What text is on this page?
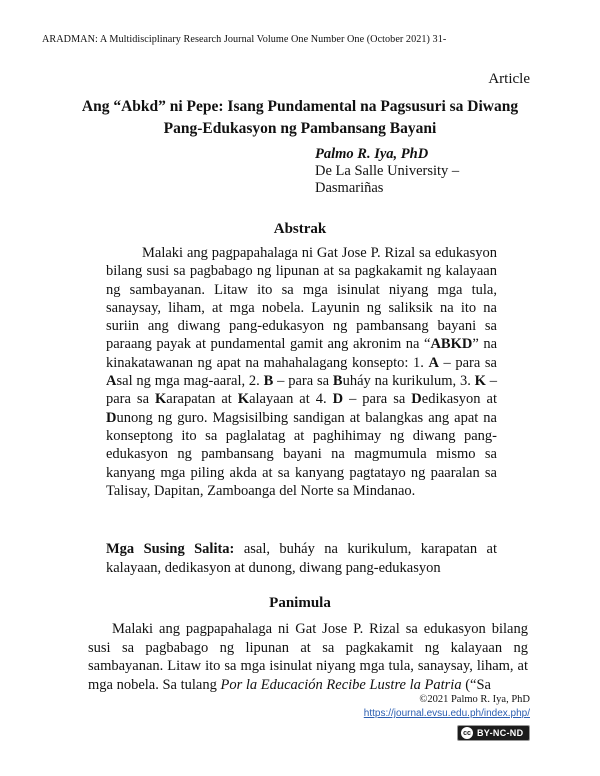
ARADMAN: A Multidisciplinary Research Journal Volume One Number One (October 2021) 31-
Article
Ang “Abkd” ni Pepe: Isang Pundamental na Pagsusuri sa Diwang
Pang-Edukasyon ng Pambansang Bayani
Palmo R. Iya, PhD
De La Salle University –
Dasmariñas
Abstrak

Malaki ang pagpapahalaga ni Gat Jose P. Rizal sa edukasyon bilang susi sa pagbabago ng lipunan at sa pagkakamit ng kalayaan ng sambayanan. Litaw ito sa mga isinulat niyang mga tula, sanaysay, liham, at mga nobela. Layunin ng saliksik na ito na suriin ang diwang pang-edukasyon ng pambansang bayani sa paraang payak at pundamental gamit ang akronim na “ABKD” na kinakatawanan ng apat na mahahalagang konsepto: 1. A – para sa Asal ng mga mag-aaral, 2. B – para sa Buháy na kurikulum, 3. K – para sa Karapatan at Kalayaan at 4. D – para sa Dedikasyon at Dunong ng guro. Magsisilbing sandigan at balangkas ang apat na konseptong ito sa paglalatag at paghihimay ng diwang pang-edukasyon ng pambansang bayani na magmumula mismo sa kanyang mga piling akda at sa kanyang pagtatayo ng paaralan sa Talisay, Dapitan, Zamboanga del Norte sa Mindanao.

Mga Susing Salita: asal, buháy na kurikulum, karapatan at kalayaan, dedikasyon at dunong, diwang pang-edukasyon
Panimula

Malaki ang pagpapahalaga ni Gat Jose P. Rizal sa edukasyon bilang susi sa pagbabago ng lipunan at sa pagkakamit ng kalayaan ng sambayanan. Litaw ito sa mga isinulat niyang mga tula, sanaysay, liham, at mga nobela. Sa tulang Por la Educación Recibe Lustre la Patria (“Sa

©2021 Palmo R. Iya, PhD
https://journal.evsu.edu.ph/index.php/
cc BY-NC-ND
